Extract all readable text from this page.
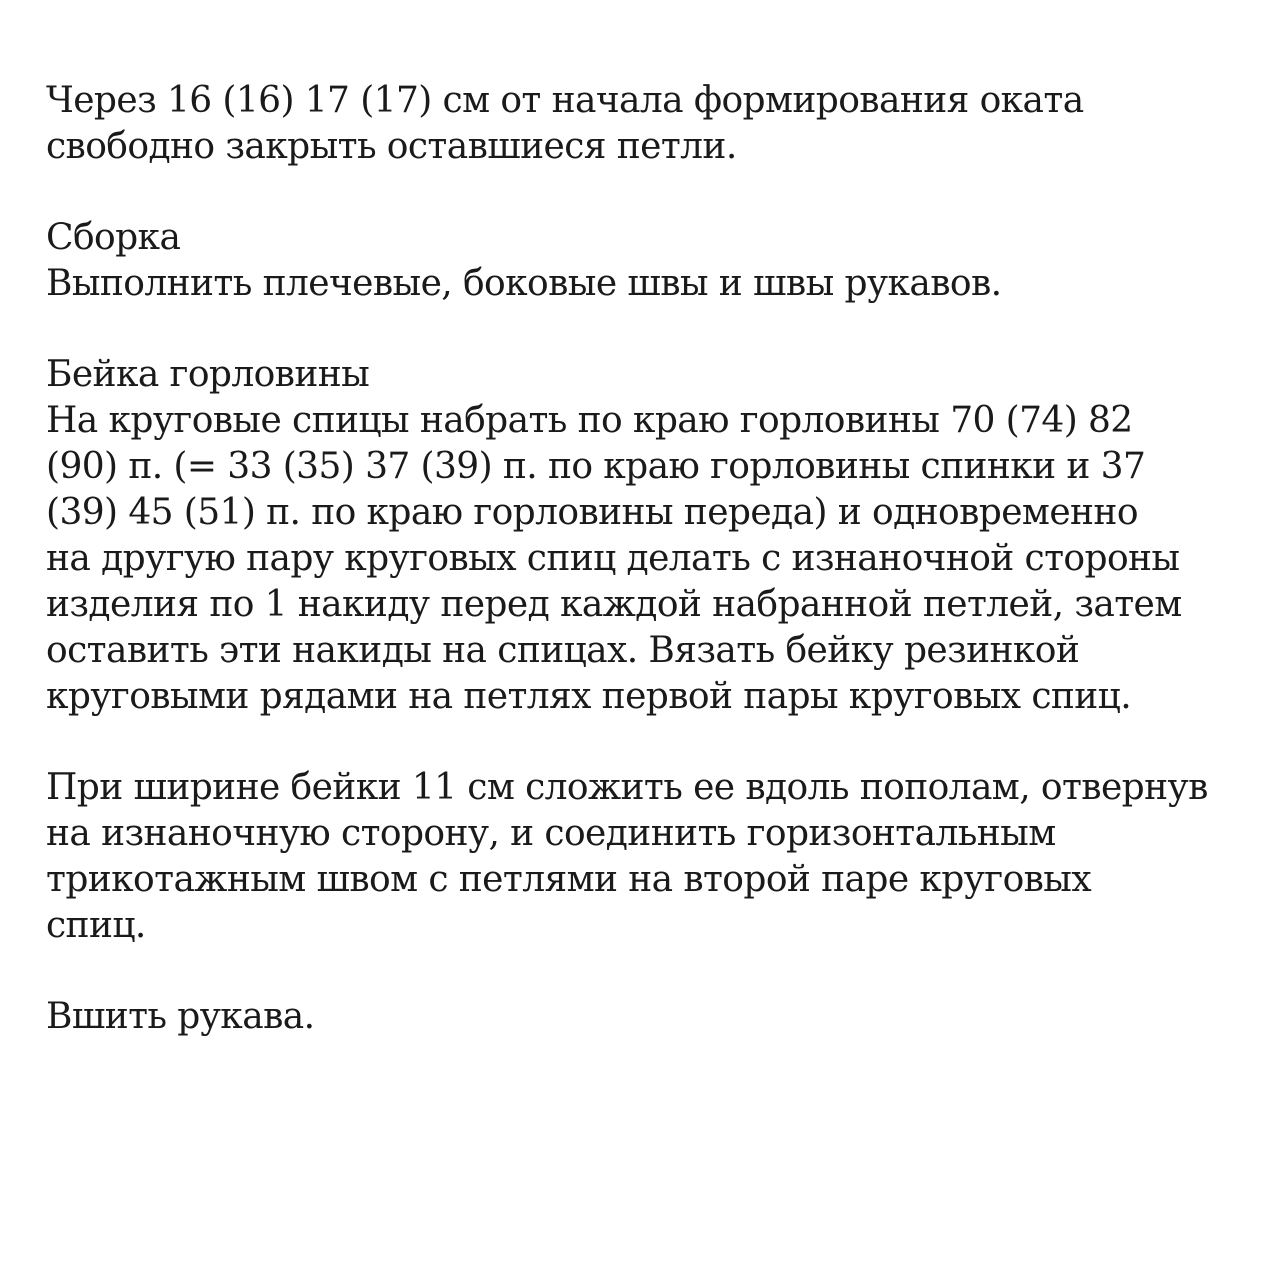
Через 16 (16) 17 (17) см от начала формирования оката
свободно закрыть оставшиеся петли.
Сборка
Выполнить плечевые, боковые швы и швы рукавов.
Бейка горловины
На круговые спицы набрать по краю горловины 70 (74) 82
(90) п. (= 33 (35) 37 (39) п. по краю горловины спинки и 37
(39) 45 (51) п. по краю горловины переда) и одновременно
на другую пару круговых спиц делать с изнаночной стороны
изделия по 1 накиду перед каждой набранной петлей, затем
оставить эти накиды на спицах. Вязать бейку резинкой
круговыми рядами на петлях первой пары круговых спиц.
При ширине бейки 11 см сложить ее вдоль пополам, отвернув
на изнаночную сторону, и соединить горизонтальным
трикотажным швом с петлями на второй паре круговых
спиц.
Вшить рукава.
